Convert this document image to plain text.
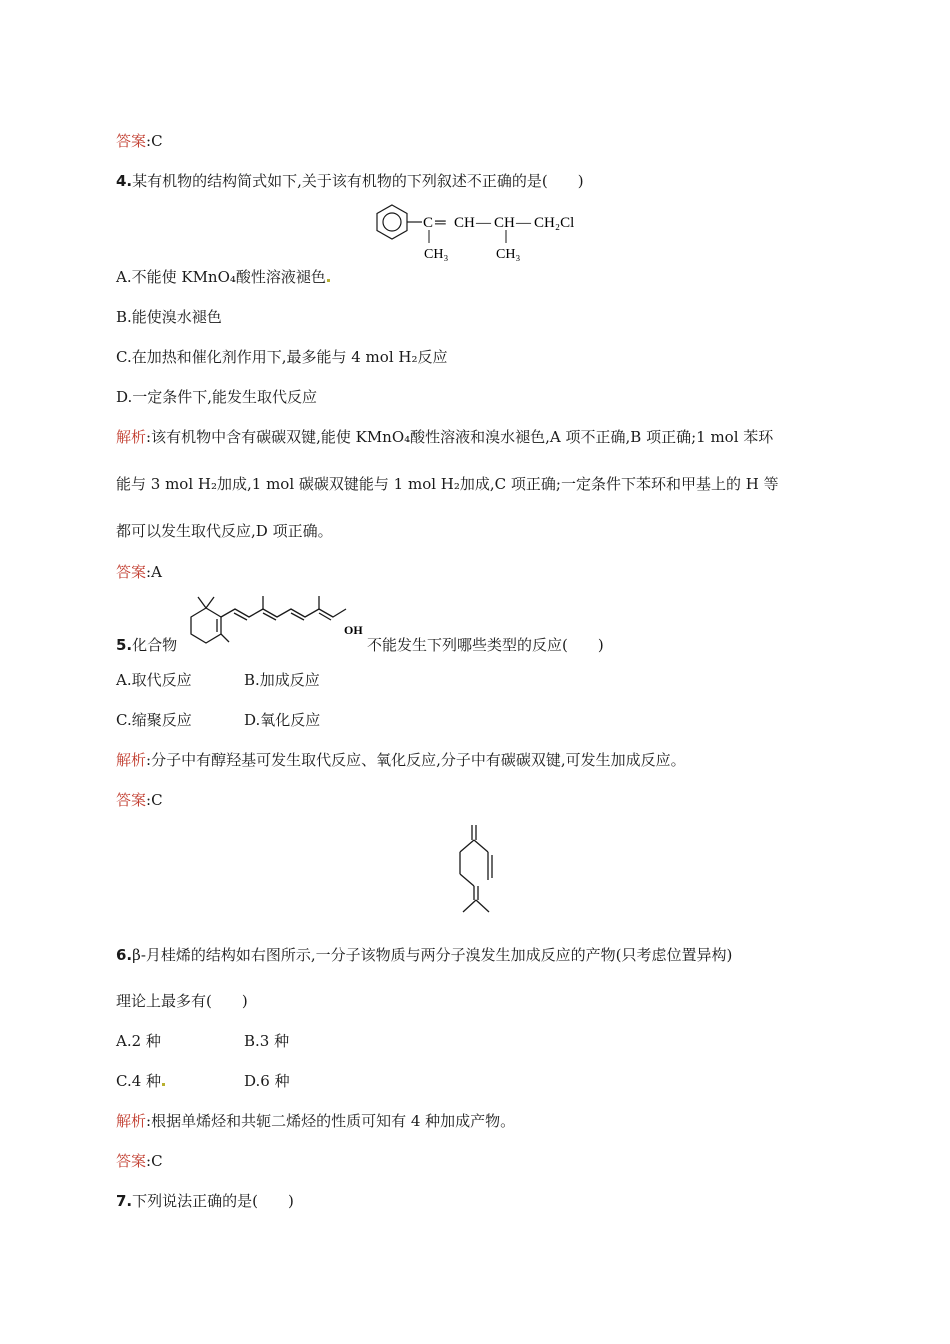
答案:C
4.某有机物的结构简式如下,关于该有机物的下列叙述不正确的是(　　)
C ═ CH — CH — CH₂Cl
CH₃	CH₃
A.不能使 KMnO₄酸性溶液褪色
B.能使溴水褪色
C.在加热和催化剂作用下,最多能与 4 mol H₂反应
D.一定条件下,能发生取代反应
解析:该有机物中含有碳碳双键,能使 KMnO₄酸性溶液和溴水褪色,A 项不正确,B 项正确;1 mol 苯环
能与 3 mol H₂加成,1 mol 碳碳双键能与 1 mol H₂加成,C 项正确;一定条件下苯环和甲基上的 H 等
都可以发生取代反应,D 项正确。
答案:A
5.化合物
OH
不能发生下列哪些类型的反应(　　)
A.取代反应	B.加成反应
C.缩聚反应	D.氧化反应
解析:分子中有醇羟基可发生取代反应、氧化反应,分子中有碳碳双键,可发生加成反应。
答案:C
6.β-月桂烯的结构如右图所示,一分子该物质与两分子溴发生加成反应的产物(只考虑位置异构)
理论上最多有(　　)
A.2 种	B.3 种
C.4 种	D.6 种
解析:根据单烯烃和共轭二烯烃的性质可知有 4 种加成产物。
答案:C
7.下列说法正确的是(　　)
